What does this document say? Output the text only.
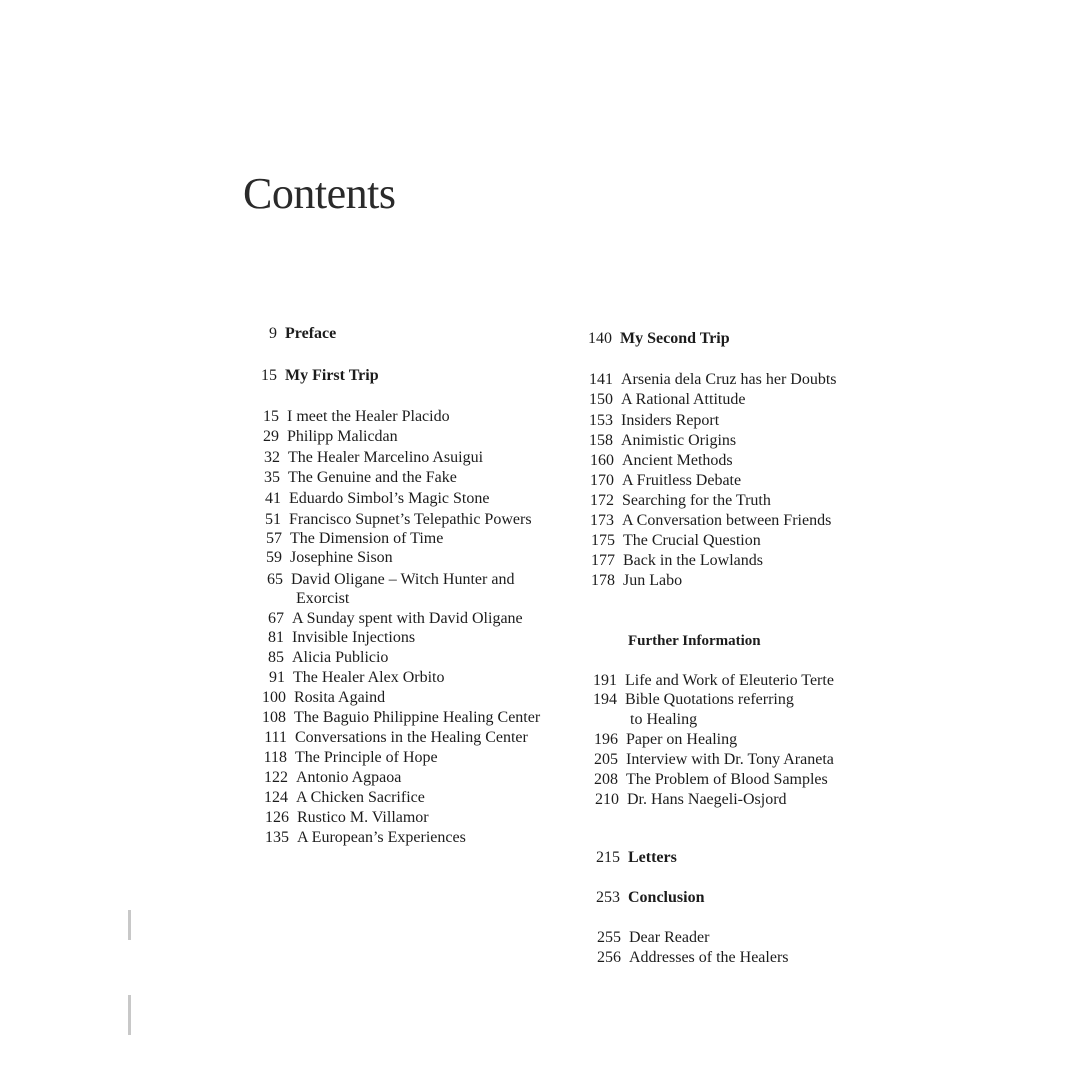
Contents
9 Preface
15 My First Trip
15 I meet the Healer Placido
29 Philipp Malicdan
32 The Healer Marcelino Asuigui
35 The Genuine and the Fake
41 Eduardo Simbol’s Magic Stone
51 Francisco Supnet’s Telepathic Powers
57 The Dimension of Time
59 Josephine Sison
65 David Oligane – Witch Hunter and
Exorcist
67 A Sunday spent with David Oligane
81 Invisible Injections
85 Alicia Publicio
91 The Healer Alex Orbito
100 Rosita Againd
108 The Baguio Philippine Healing Center
111 Conversations in the Healing Center
118 The Principle of Hope
122 Antonio Agpaoa
124 A Chicken Sacrifice
126 Rustico M. Villamor
135 A European’s Experiences
140 My Second Trip
141 Arsenia dela Cruz has her Doubts
150 A Rational Attitude
153 Insiders Report
158 Animistic Origins
160 Ancient Methods
170 A Fruitless Debate
172 Searching for the Truth
173 A Conversation between Friends
175 The Crucial Question
177 Back in the Lowlands
178 Jun Labo
Further Information
191 Life and Work of Eleuterio Terte
194 Bible Quotations referring
to Healing
196 Paper on Healing
205 Interview with Dr. Tony Araneta
208 The Problem of Blood Samples
210 Dr. Hans Naegeli-Osjord
215 Letters
253 Conclusion
255 Dear Reader
256 Addresses of the Healers
